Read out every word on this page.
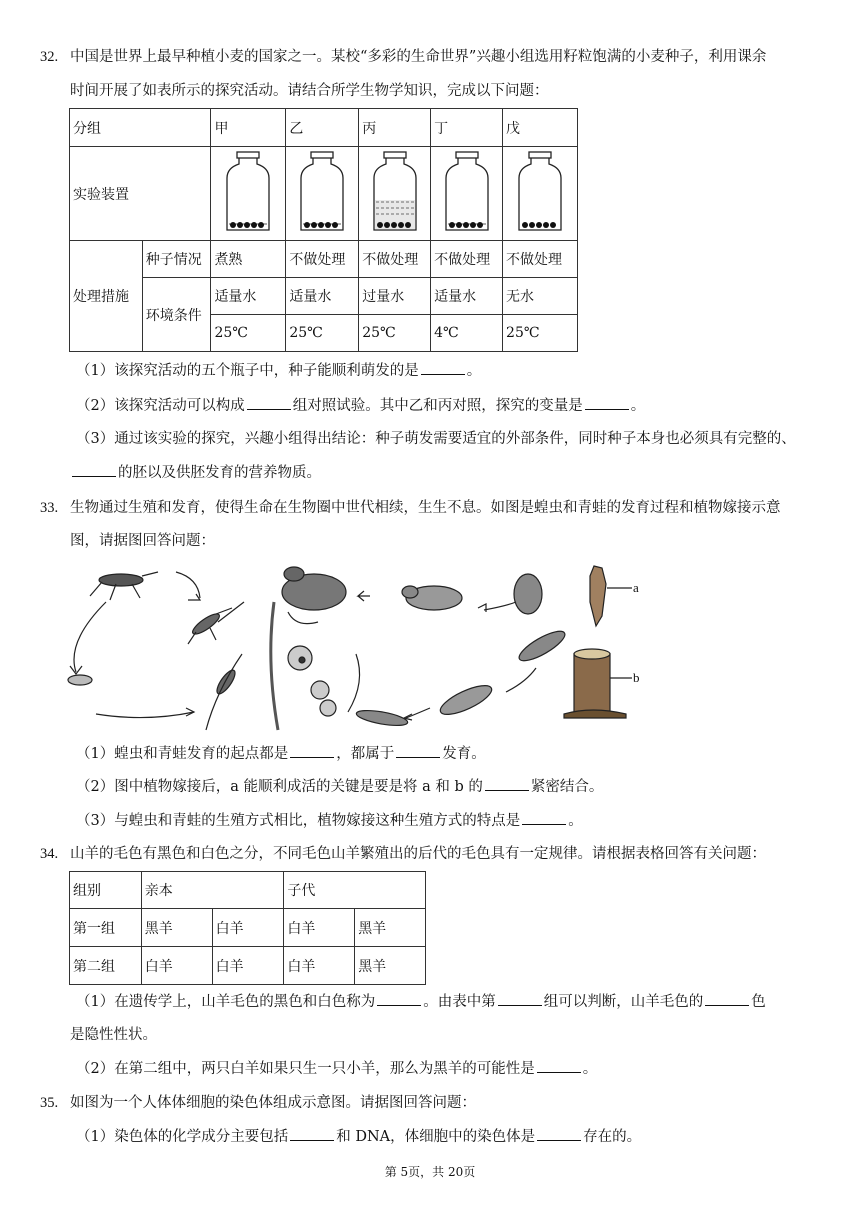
32. 中国是世界上最早种植小麦的国家之一。某校“多彩的生命世界”兴趣小组选用籽粒饱满的小麦种子，利用课余
时间开展了如表所示的探究活动。请结合所学生物学知识，完成以下问题：
分组		甲	乙	丙	丁	戊
实验装置					
处理措施	种子情况	煮熟	不做处理	不做处理	不做处理	不做处理
	环境条件	适量水	适量水	过量水	适量水	无水
		25℃	25℃	25℃	4℃	25℃
（1）该探究活动的五个瓶子中，种子能顺利萌发的是	。
（2）该探究活动可以构成	组对照试验。其中乙和丙对照，探究的变量是	。
（3）通过该实验的探究，兴趣小组得出结论：种子萌发需要适宜的外部条件，同时种子本身也必须具有完整的、
的胚以及供胚发育的营养物质。
33. 生物通过生殖和发育，使得生命在生物圈中世代相续，生生不息。如图是蝗虫和青蛙的发育过程和植物嫁接示意
图，请据图回答问题：
a
b
（1）蝗虫和青蛙发育的起点都是	，都属于	发育。
（2）图中植物嫁接后，a 能顺利成活的关键是要是将 a 和 b 的	紧密结合。
（3）与蝗虫和青蛙的生殖方式相比，植物嫁接这种生殖方式的特点是	。
34. 山羊的毛色有黑色和白色之分，不同毛色山羊繁殖出的后代的毛色具有一定规律。请根据表格回答有关问题：
组别	亲本		子代	
第一组	黑羊	白羊	白羊	黑羊
第二组	白羊	白羊	白羊	黑羊
（1）在遗传学上，山羊毛色的黑色和白色称为	。由表中第	组可以判断，山羊毛色的	色
是隐性性状。
（2）在第二组中，两只白羊如果只生一只小羊，那么为黑羊的可能性是	。
35. 如图为一个人体体细胞的染色体组成示意图。请据图回答问题：
（1）染色体的化学成分主要包括	和 DNA，体细胞中的染色体是	存在的。
第 5页，共 20页
